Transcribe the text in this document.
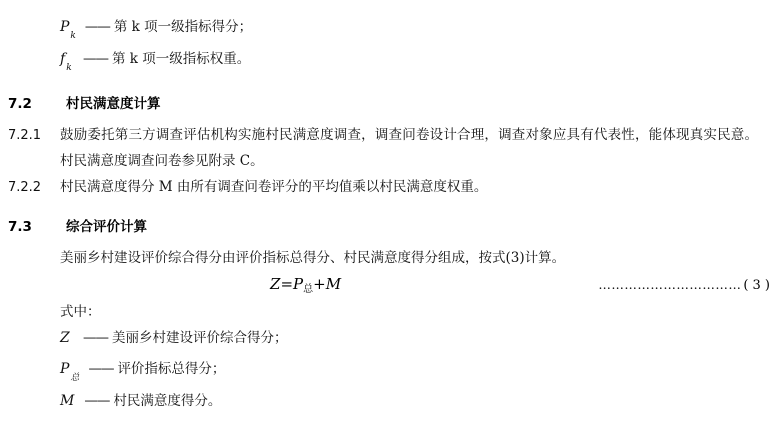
$P_k$
—— 第 k 项一级指标得分；
$f_k$
—— 第 k 项一级指标权重。
7.2	村民满意度计算
7.2.1	鼓励委托第三方调查评估机构实施村民满意度调查，调查问卷设计合理，调查对象应具有代表性，能体现真实民意。村民满意度调查问卷参见附录 C。
7.2.2	村民满意度得分 M 由所有调查问卷评分的平均值乘以村民满意度权重。
7.3	综合评价计算
美丽乡村建设评价综合得分由评价指标总得分、村民满意度得分组成，按式(3)计算。
$Z=P_总+M$	…………………………… ( 3 )
式中：
Z —— 美丽乡村建设评价综合得分；
$P_总$
—— 评价指标总得分；
M —— 村民满意度得分。
